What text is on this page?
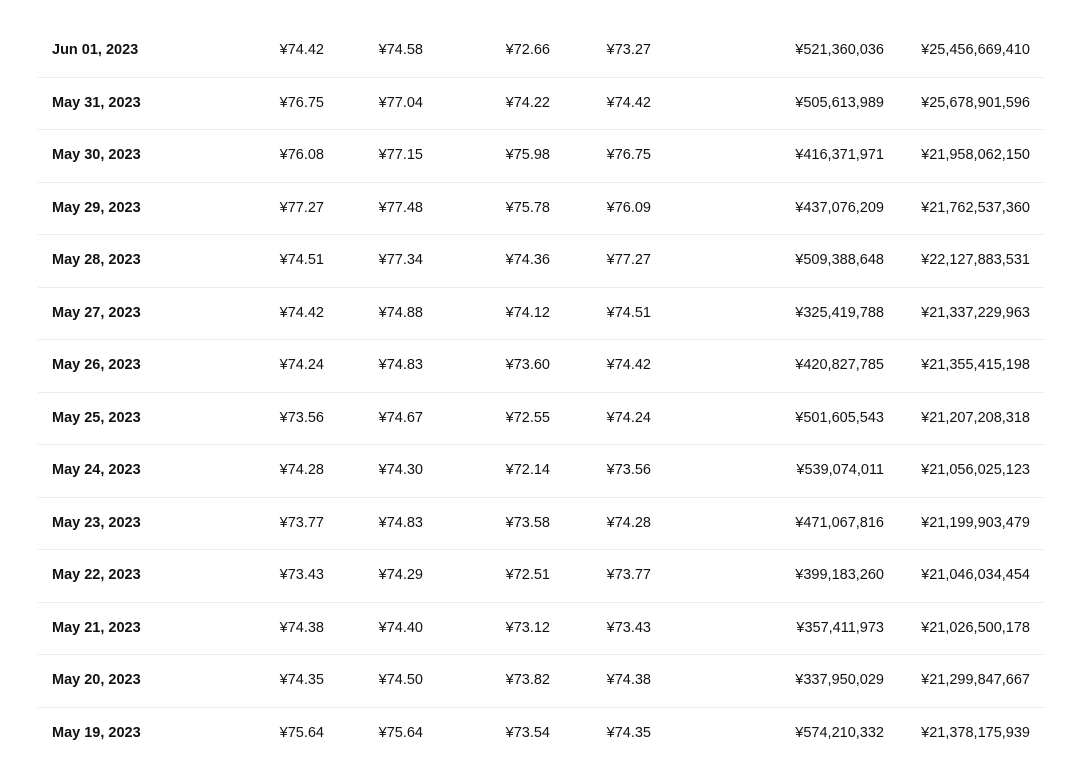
Jun 01, 2023	¥74.42	¥74.58	¥72.66	¥73.27	¥521,360,036	¥25,456,669,410
May 31, 2023	¥76.75	¥77.04	¥74.22	¥74.42	¥505,613,989	¥25,678,901,596
May 30, 2023	¥76.08	¥77.15	¥75.98	¥76.75	¥416,371,971	¥21,958,062,150
May 29, 2023	¥77.27	¥77.48	¥75.78	¥76.09	¥437,076,209	¥21,762,537,360
May 28, 2023	¥74.51	¥77.34	¥74.36	¥77.27	¥509,388,648	¥22,127,883,531
May 27, 2023	¥74.42	¥74.88	¥74.12	¥74.51	¥325,419,788	¥21,337,229,963
May 26, 2023	¥74.24	¥74.83	¥73.60	¥74.42	¥420,827,785	¥21,355,415,198
May 25, 2023	¥73.56	¥74.67	¥72.55	¥74.24	¥501,605,543	¥21,207,208,318
May 24, 2023	¥74.28	¥74.30	¥72.14	¥73.56	¥539,074,011	¥21,056,025,123
May 23, 2023	¥73.77	¥74.83	¥73.58	¥74.28	¥471,067,816	¥21,199,903,479
May 22, 2023	¥73.43	¥74.29	¥72.51	¥73.77	¥399,183,260	¥21,046,034,454
May 21, 2023	¥74.38	¥74.40	¥73.12	¥73.43	¥357,411,973	¥21,026,500,178
May 20, 2023	¥74.35	¥74.50	¥73.82	¥74.38	¥337,950,029	¥21,299,847,667
May 19, 2023	¥75.64	¥75.64	¥73.54	¥74.35	¥574,210,332	¥21,378,175,939
